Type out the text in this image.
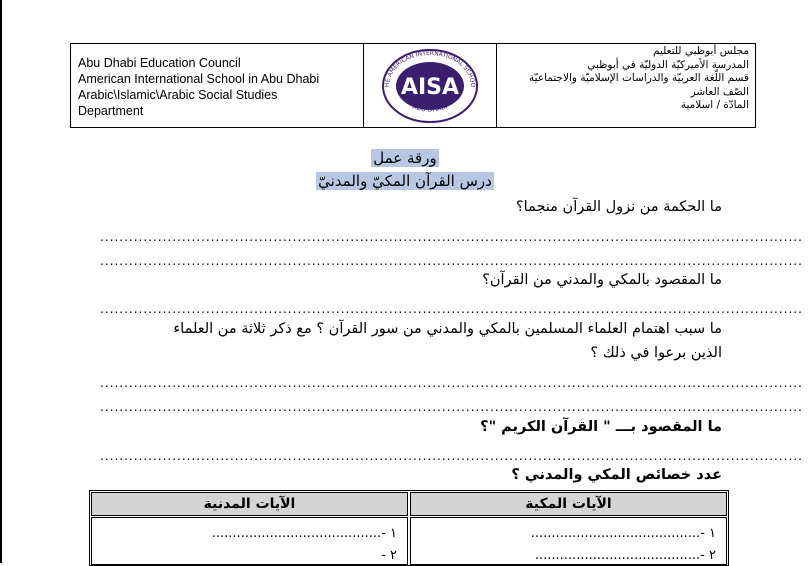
Abu Dhabi Education Council
American International School in Abu Dhabi
Arabic\Islamic\Arabic Social Studies
Department
HE AMERICAN INTERNATIONAL SCHOO
ABU DHABI
AISA
مجلس أبوظبي للتعليم
المدرسة الأميركيّة الدوليّة في أبوظبي
قسم اللّغة العربيّة والدراسات الإسلاميّة والاجتماعيّة
الصّف العاشر
المادّة / اسلامية
ورقة عمل
درس القرآن المكيّ والمدنيّ
ما الحكمة من نزول القرآن منجما؟
..................................................................................................................................................
..................................................................................................................................................
ما المقصود بالمكي والمدني من القرآن؟
..................................................................................................................................................
ما سبب اهتمام العلماء المسلمين بالمكي والمدني من سور القرآن ؟ مع ذكر ثلاثة من العلماء
الذين برعوا في ذلك ؟
..................................................................................................................................................
..................................................................................................................................................
ما المقصود بـــ " القرآن الكريم "؟
..................................................................................................................................................
عدد خصائص المكي والمدني ؟
الآيات المدنية	الآيات المكية
١ -.........................................
٢ -
١ -.........................................
٢ -........................................
